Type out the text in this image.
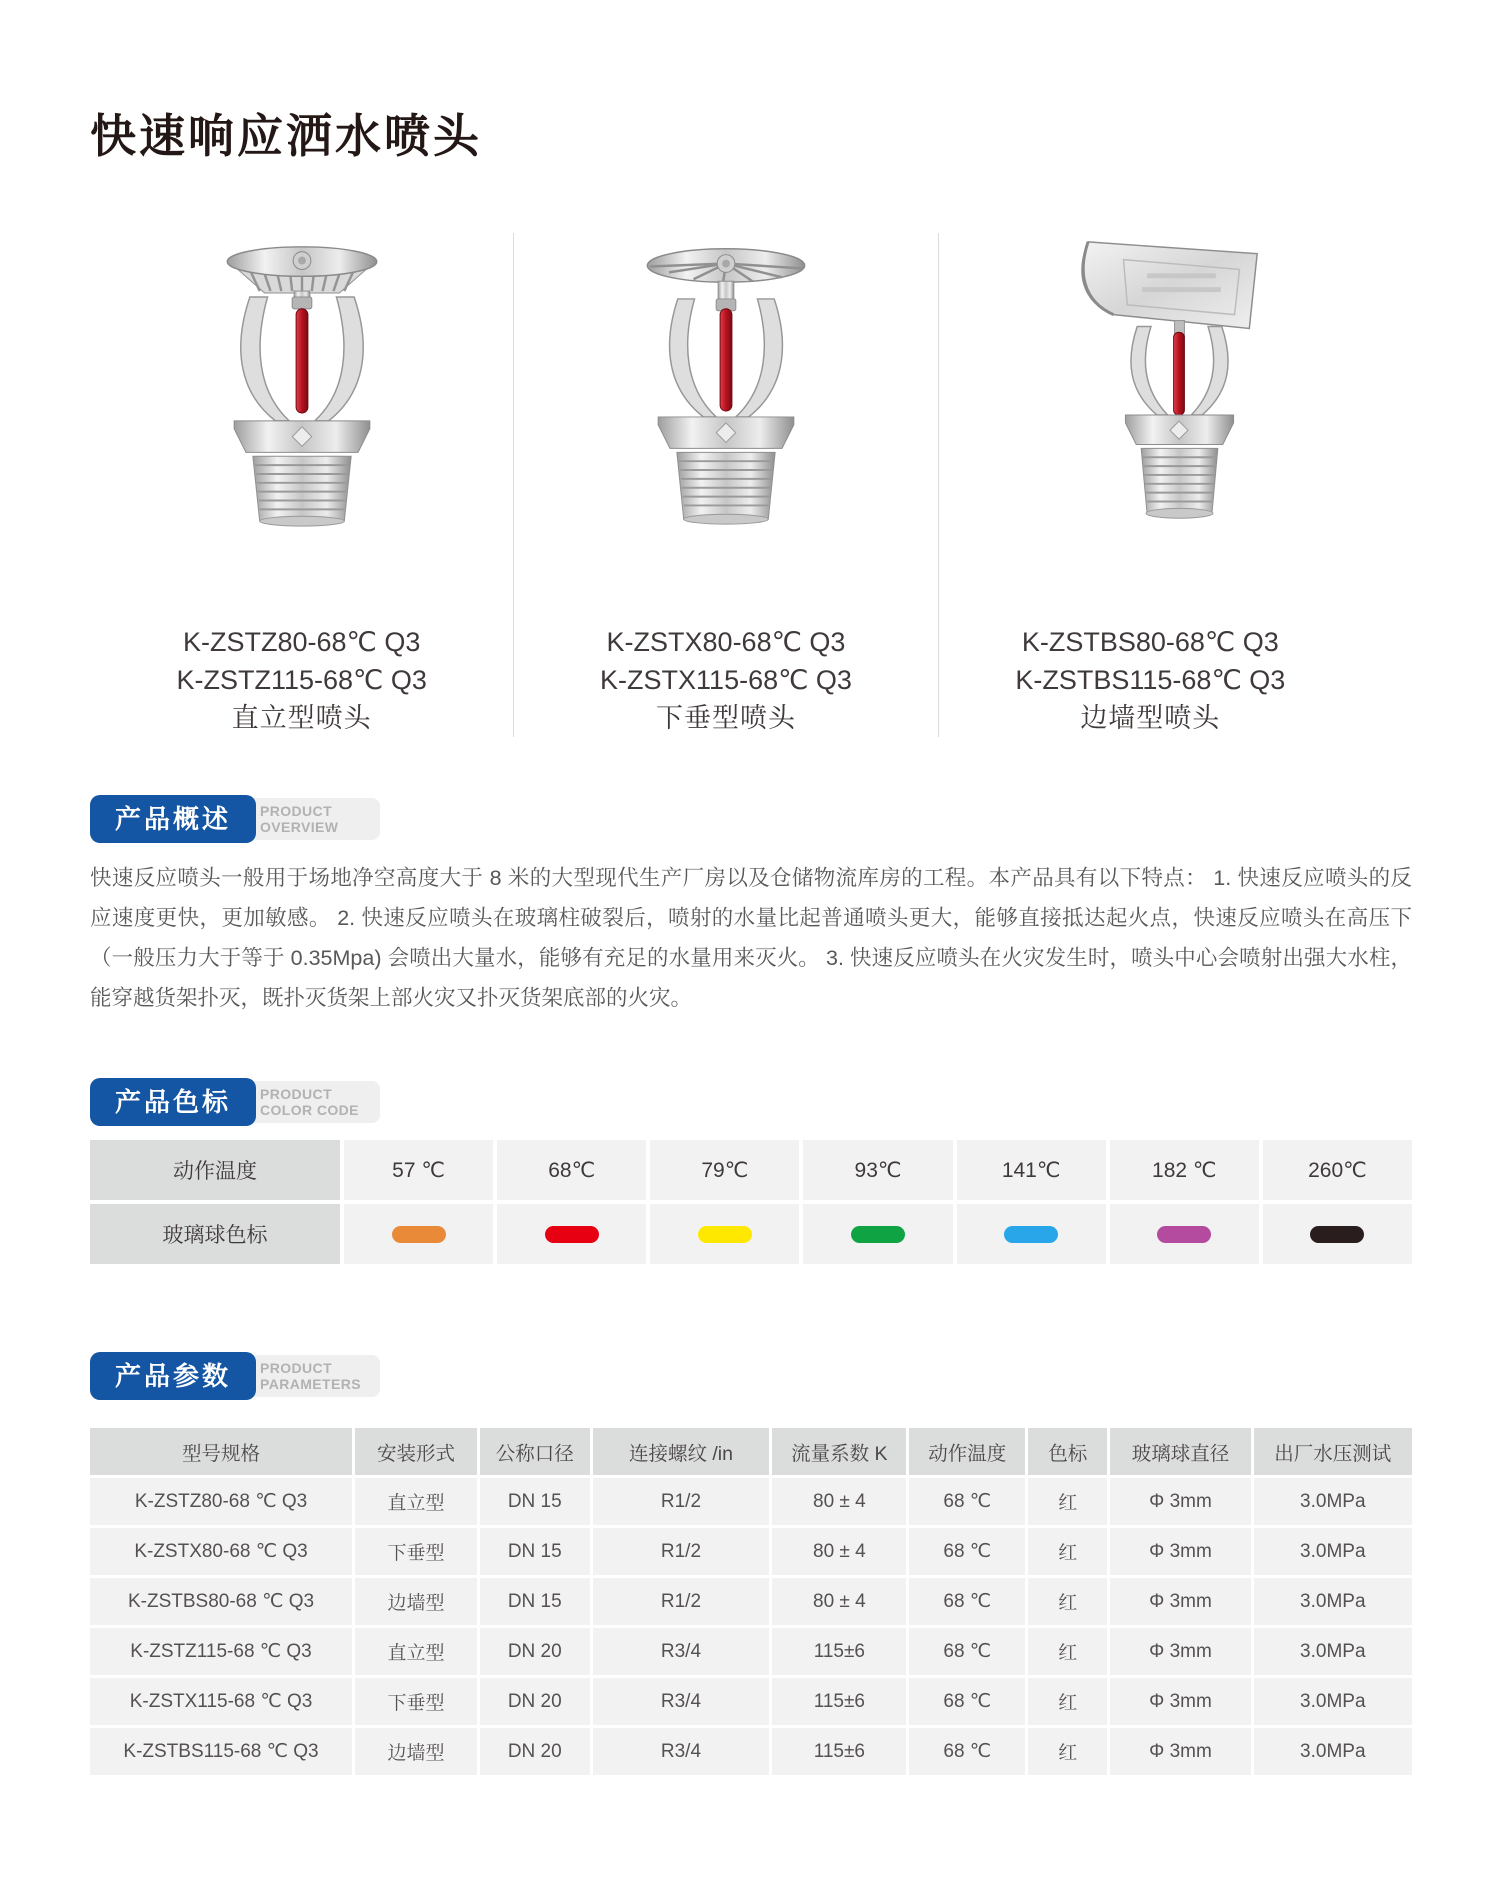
快速响应洒水喷头
K-ZSTZ80-68℃ Q3
K-ZSTZ115-68℃ Q3
直立型喷头
K-ZSTX80-68℃ Q3
K-ZSTX115-68℃ Q3
下垂型喷头
K-ZSTBS80-68℃ Q3
K-ZSTBS115-68℃ Q3
边墙型喷头
PRODUCT
OVERVIEW
产品概述

快速反应喷头一般用于场地净空高度大于 8 米的大型现代生产厂房以及仓储物流库房的工程。本产品具有以下特点： 1. 快速反应喷头的反应速度更快，更加敏感。 2. 快速反应喷头在玻璃柱破裂后，喷射的水量比起普通喷头更大，能够直接抵达起火点，快速反应喷头在高压下（一般压力大于等于 0.35Mpa) 会喷出大量水，能够有充足的水量用来灭火。 3. 快速反应喷头在火灾发生时，喷头中心会喷射出强大水柱，能穿越货架扑灭，既扑灭货架上部火灾又扑灭货架底部的火灾。

PRODUCT
COLOR CODE
产品色标
动作温度	57 ℃	68℃	79℃	93℃	141℃	182 ℃	260℃
玻璃球色标
PRODUCT
PARAMETERS
产品参数
型号规格	安装形式	公称口径	连接螺纹 /in	流量系数 K	动作温度	色标	玻璃球直径	出厂水压测试
K-ZSTZ80-68 ℃ Q3	直立型	DN 15	R1/2	80 ± 4	68 ℃	红	Φ 3mm	3.0MPa
K-ZSTX80-68 ℃ Q3	下垂型	DN 15	R1/2	80 ± 4	68 ℃	红	Φ 3mm	3.0MPa
K-ZSTBS80-68 ℃ Q3	边墙型	DN 15	R1/2	80 ± 4	68 ℃	红	Φ 3mm	3.0MPa
K-ZSTZ115-68 ℃ Q3	直立型	DN 20	R3/4	115±6	68 ℃	红	Φ 3mm	3.0MPa
K-ZSTX115-68 ℃ Q3	下垂型	DN 20	R3/4	115±6	68 ℃	红	Φ 3mm	3.0MPa
K-ZSTBS115-68 ℃ Q3	边墙型	DN 20	R3/4	115±6	68 ℃	红	Φ 3mm	3.0MPa
